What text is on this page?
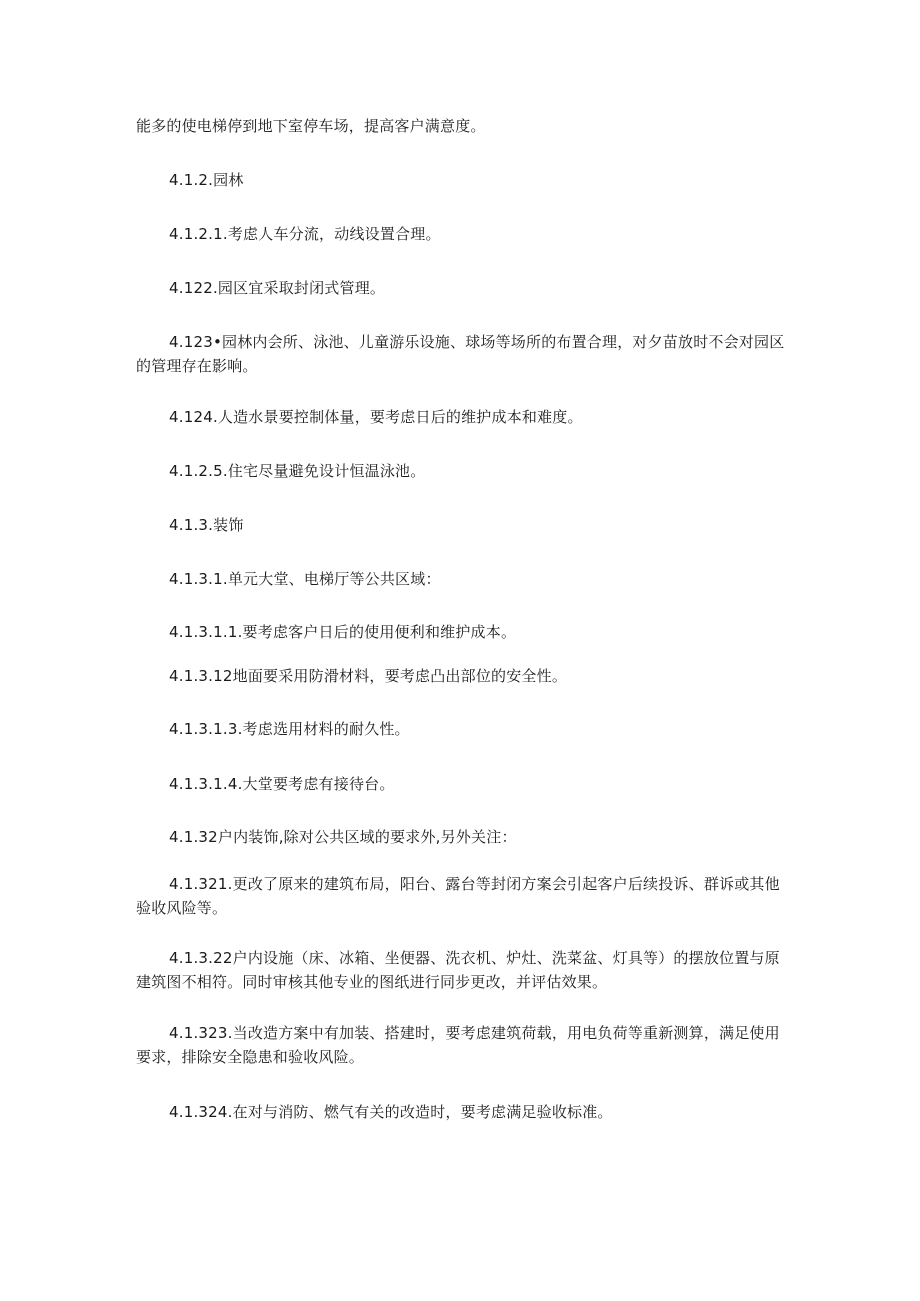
能多的使电梯停到地下室停车场，提高客户满意度。

4.1.2.园林

4.1.2.1.考虑人车分流，动线设置合理。

4.122.园区宜采取封闭式管理。

4.123•园林内会所、泳池、儿童游乐设施、球场等场所的布置合理，对夕苗放时不会对园区的管理存在影响。

4.124.人造水景要控制体量，要考虑日后的维护成本和难度。

4.1.2.5.住宅尽量避免设计恒温泳池。

4.1.3.装饰

4.1.3.1.单元大堂、电梯厅等公共区域：

4.1.3.1.1.要考虑客户日后的使用便利和维护成本。

4.1.3.12地面要采用防滑材料，要考虑凸出部位的安全性。

4.1.3.1.3.考虑选用材料的耐久性。

4.1.3.1.4.大堂要考虑有接待台。

4.1.32户内装饰,除对公共区域的要求外,另外关注：

4.1.321.更改了原来的建筑布局，阳台、露台等封闭方案会引起客户后续投诉、群诉或其他验收风险等。

4.1.3.22户内设施（床、冰箱、坐便器、洗衣机、炉灶、洗菜盆、灯具等）的摆放位置与原建筑图不相符。同时审核其他专业的图纸进行同步更改，并评估效果。

4.1.323.当改造方案中有加装、搭建时，要考虑建筑荷载，用电负荷等重新测算，满足使用要求，排除安全隐患和验收风险。

4.1.324.在对与消防、燃气有关的改造时，要考虑满足验收标准。
